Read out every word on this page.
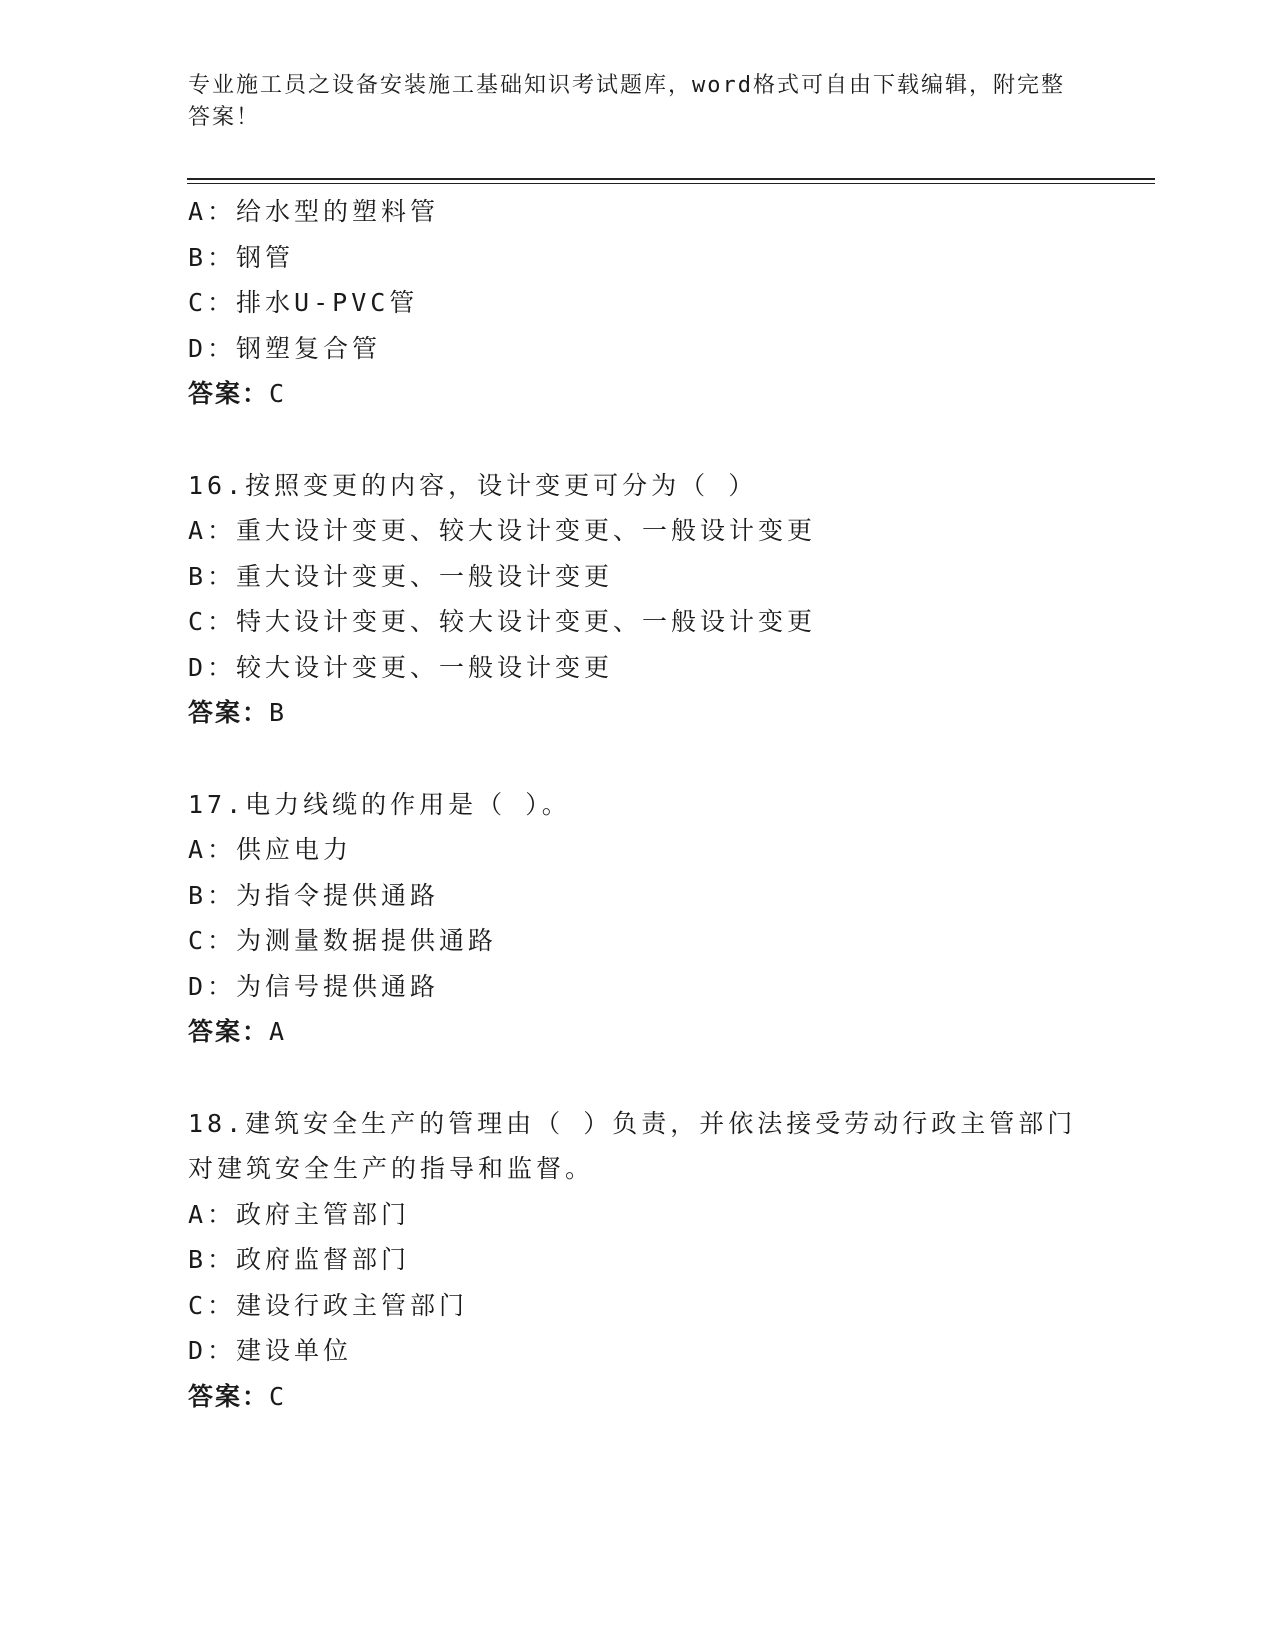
专业施工员之设备安装施工基础知识考试题库，word格式可自由下载编辑，附完整答案！
A：给水型的塑料管
B：钢管
C：排水U-PVC管
D：钢塑复合管
答案：C
16.按照变更的内容，设计变更可分为（ ）
A：重大设计变更、较大设计变更、一般设计变更
B：重大设计变更、一般设计变更
C：特大设计变更、较大设计变更、一般设计变更
D：较大设计变更、一般设计变更
答案：B
17.电力线缆的作用是（ ）。
A：供应电力
B：为指令提供通路
C：为测量数据提供通路
D：为信号提供通路
答案：A
18.建筑安全生产的管理由（ ）负责，并依法接受劳动行政主管部门
对建筑安全生产的指导和监督。
A：政府主管部门
B：政府监督部门
C：建设行政主管部门
D：建设单位
答案：C
